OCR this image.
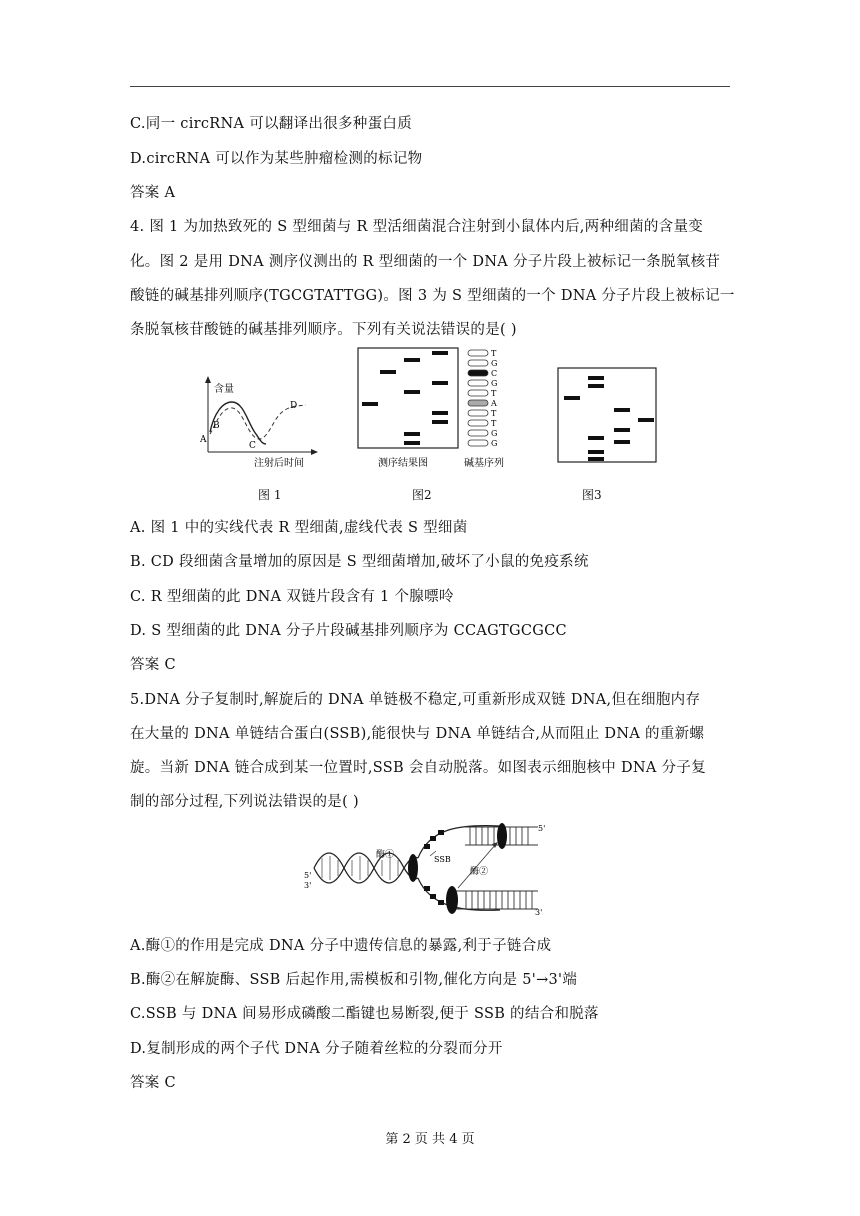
C.同一 circRNA 可以翻译出很多种蛋白质
D.circRNA 可以作为某些肿瘤检测的标记物
答案 A
4. 图 1 为加热致死的 S 型细菌与 R 型活细菌混合注射到小鼠体内后,两种细菌的含量变
化。图 2 是用 DNA 测序仪测出的 R 型细菌的一个 DNA 分子片段上被标记一条脱氧核苷
酸链的碱基排列顺序(TGCGTATTGG)。图 3 为 S 型细菌的一个 DNA 分子片段上被标记一
条脱氧核苷酸链的碱基排列顺序。下列有关说法错误的是( )
含量
A
B
C
D
注射后时间
T
G
C
G
T
A
T
T
G
G
测序结果图	碱基序列
图 1	图2	图3
A. 图 1 中的实线代表 R 型细菌,虚线代表 S 型细菌
B. CD 段细菌含量增加的原因是 S 型细菌增加,破坏了小鼠的免疫系统
C. R 型细菌的此 DNA 双链片段含有 1 个腺嘌呤
D. S 型细菌的此 DNA 分子片段碱基排列顺序为 CCAGTGCGCC
答案 C
5.DNA 分子复制时,解旋后的 DNA 单链极不稳定,可重新形成双链 DNA,但在细胞内存
在大量的 DNA 单链结合蛋白(SSB),能很快与 DNA 单链结合,从而阻止 DNA 的重新螺
旋。当新 DNA 链合成到某一位置时,SSB 会自动脱落。如图表示细胞核中 DNA 分子复
制的部分过程,下列说法错误的是( )
酶①	SSB
酶②
5'
3'
5'
3'
A.酶①的作用是完成 DNA 分子中遗传信息的暴露,利于子链合成
B.酶②在解旋酶、SSB 后起作用,需模板和引物,催化方向是 5'→3'端
C.SSB 与 DNA 间易形成磷酸二酯键也易断裂,便于 SSB 的结合和脱落
D.复制形成的两个子代 DNA 分子随着丝粒的分裂而分开
答案 C
第 2 页 共 4 页
